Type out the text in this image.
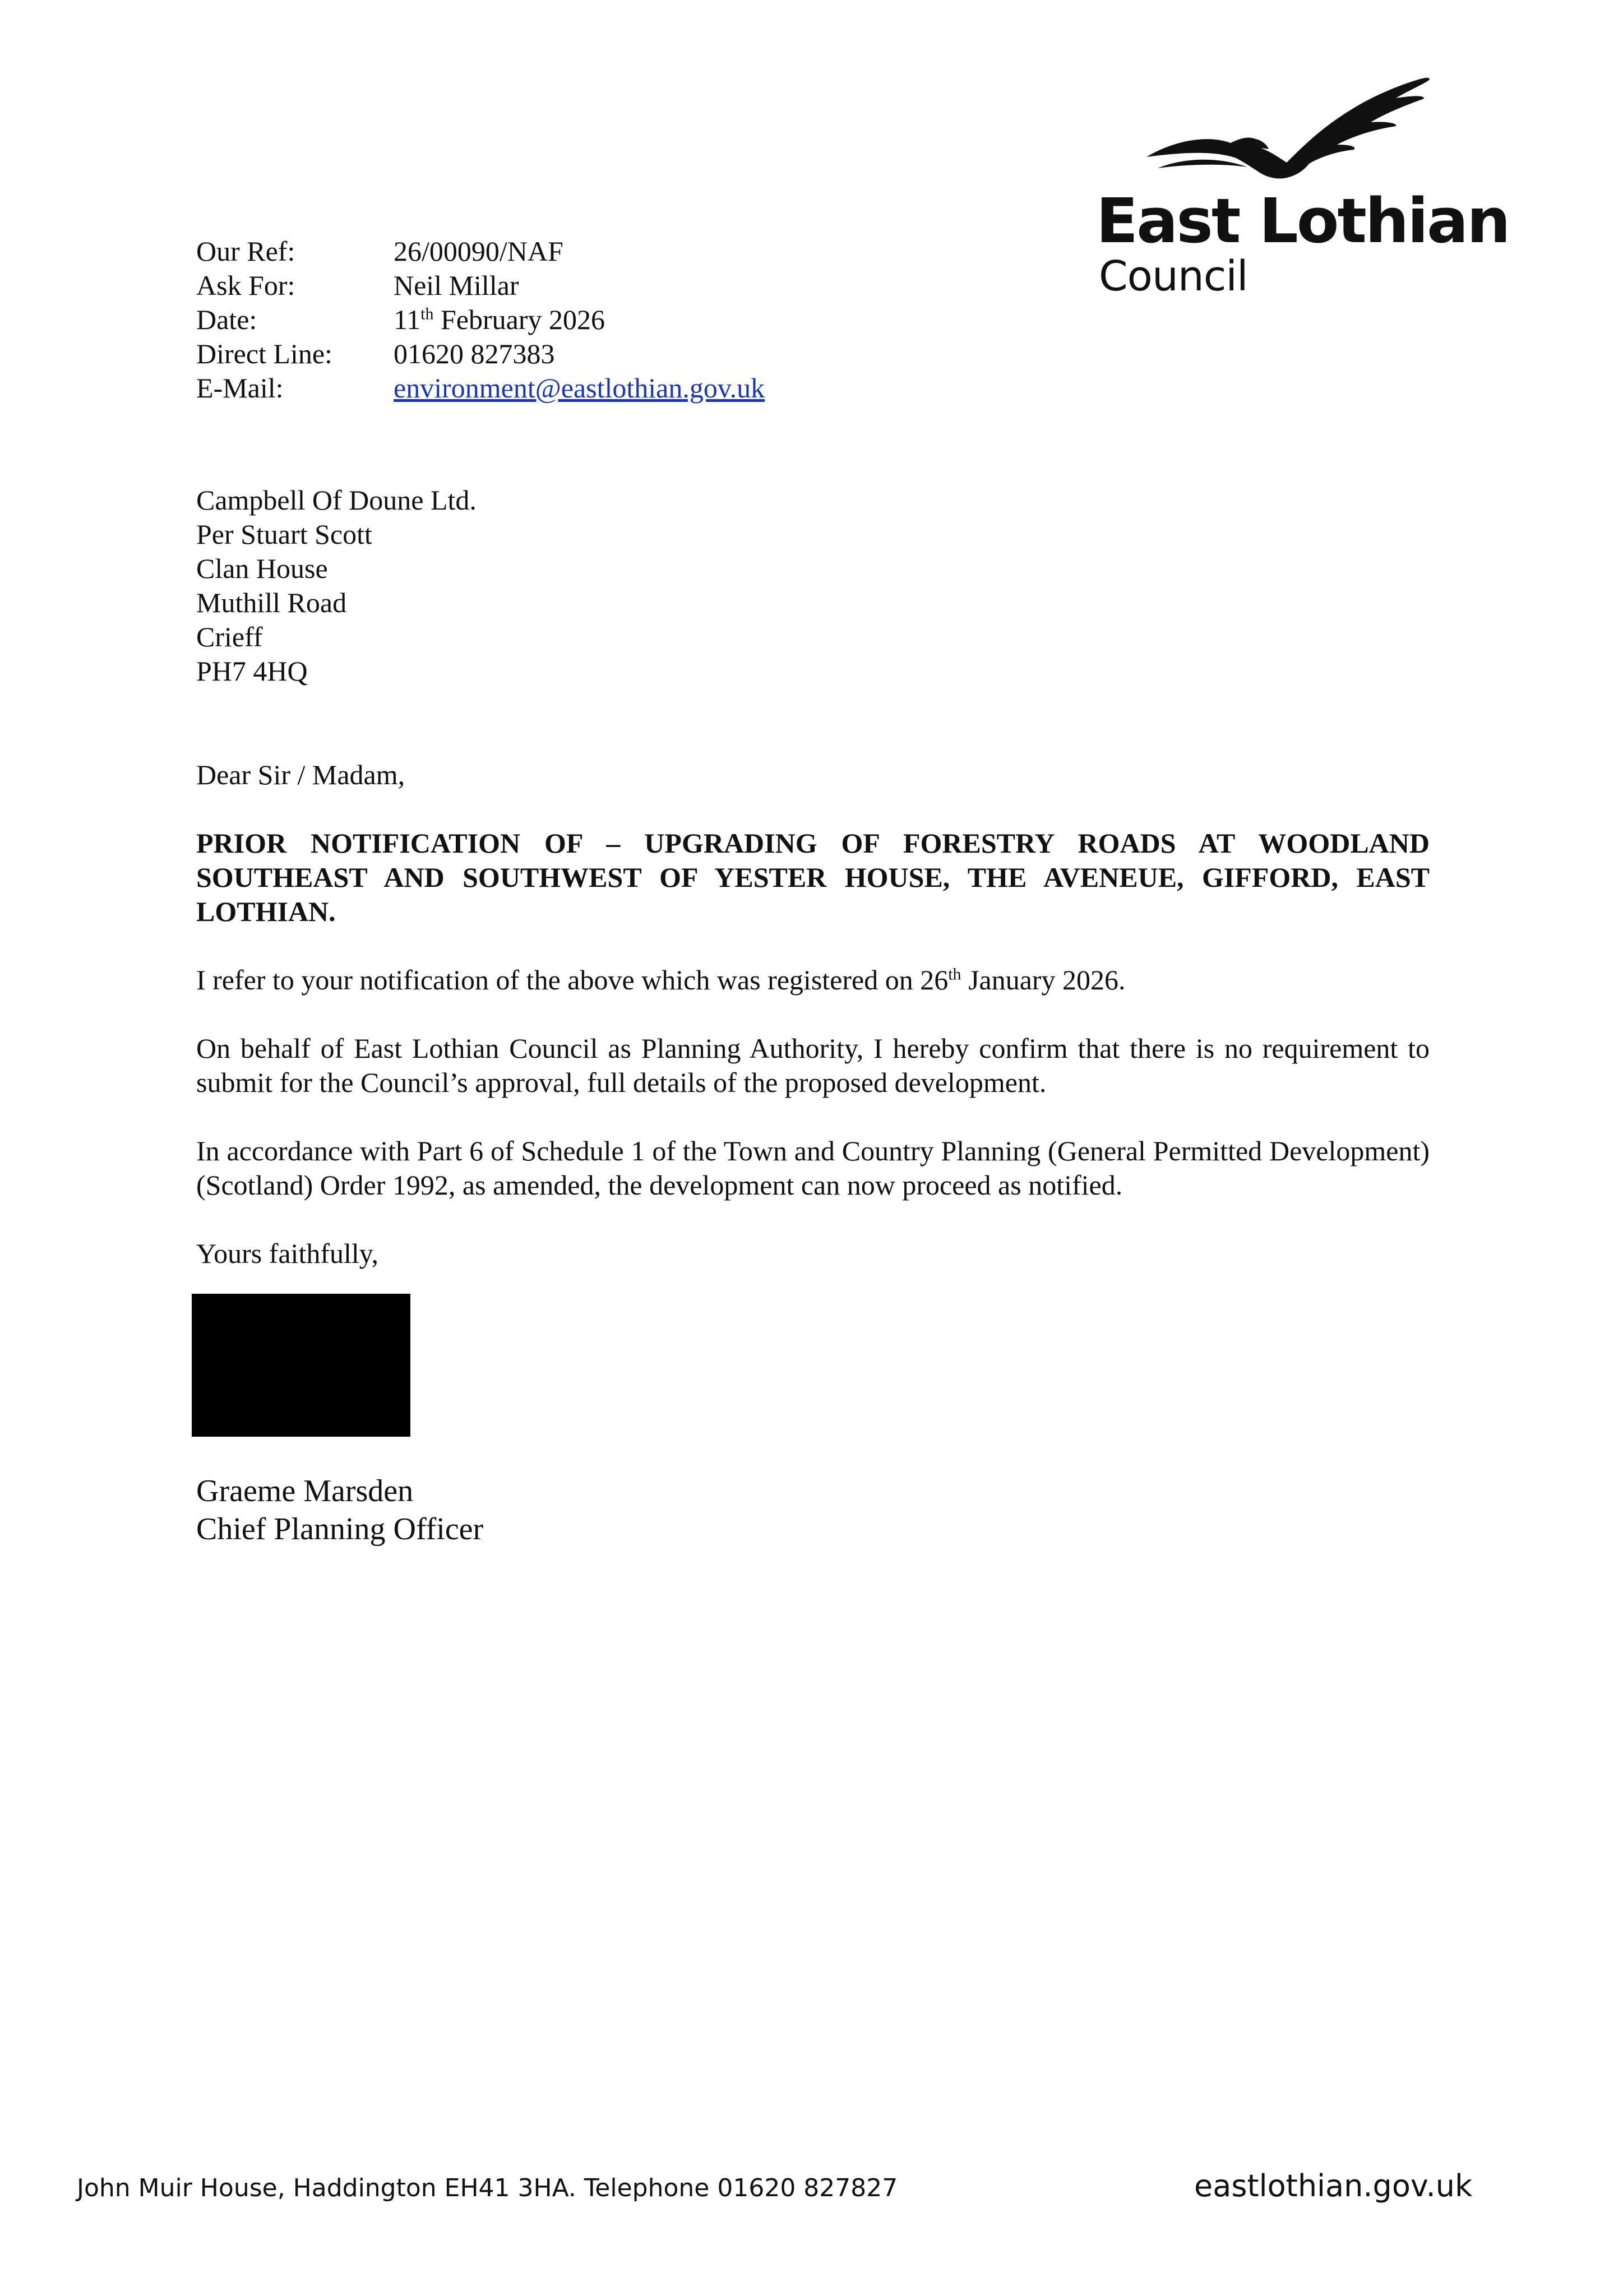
East Lothian
Council
Our Ref:	26/00090/NAF
Ask For:	Neil Millar
Date:	11th February 2026
Direct Line:	01620 827383
E-Mail:	environment@eastlothian.gov.uk
Campbell Of Doune Ltd.
Per Stuart Scott
Clan House
Muthill Road
Crieff
PH7 4HQ

Dear Sir / Madam,

PRIOR NOTIFICATION OF – UPGRADING OF FORESTRY ROADS AT WOODLAND SOUTHEAST AND SOUTHWEST OF YESTER HOUSE, THE AVENEUE, GIFFORD, EAST LOTHIAN.

I refer to your notification of the above which was registered on 26th January 2026.

On behalf of East Lothian Council as Planning Authority, I hereby confirm that there is no requirement to submit for the Council’s approval, full details of the proposed development.

In accordance with Part 6 of Schedule 1 of the Town and Country Planning (General Permitted Development) (Scotland) Order 1992, as amended, the development can now proceed as notified.

Yours faithfully,

Graeme Marsden
Chief Planning Officer
John Muir House, Haddington EH41 3HA. Telephone 01620 827827	eastlothian.gov.uk
